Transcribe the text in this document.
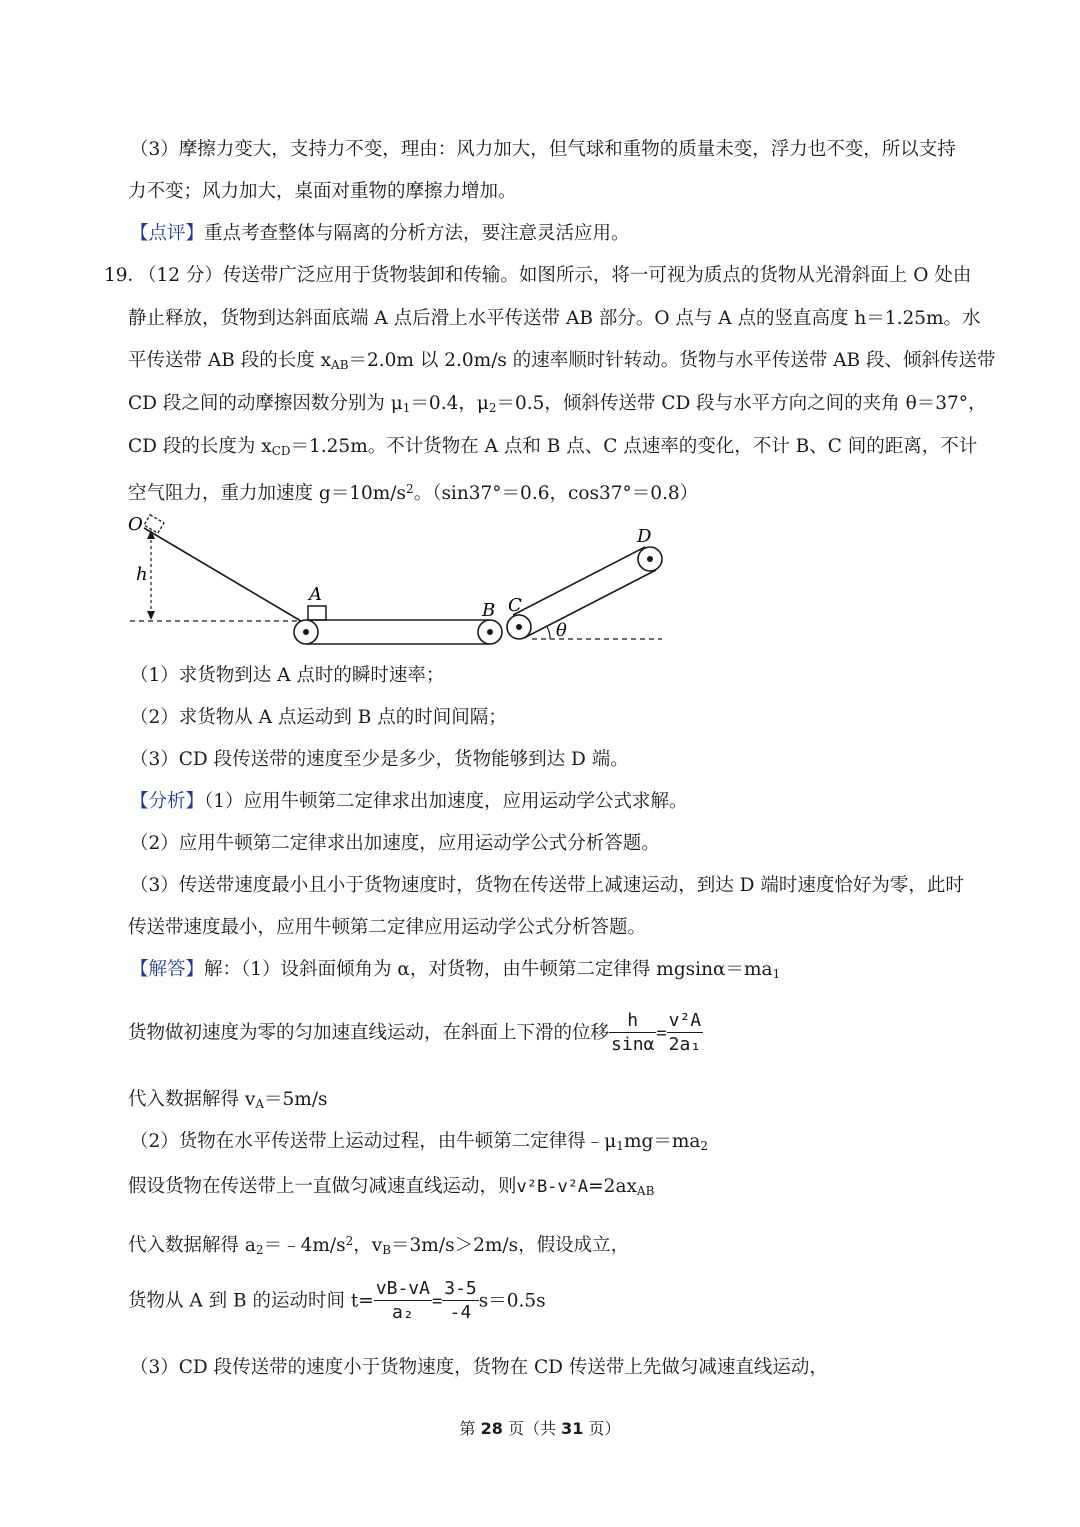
（3）摩擦力变大，支持力不变，理由：风力加大，但气球和重物的质量未变，浮力也不变，所以支持
力不变；风力加大，桌面对重物的摩擦力增加。
【点评】重点考查整体与隔离的分析方法，要注意灵活应用。
19．
（12 分）传送带广泛应用于货物装卸和传输。如图所示，将一可视为质点的货物从光滑斜面上 O 处由
静止释放，货物到达斜面底端 A 点后滑上水平传送带 AB 部分。O 点与 A 点的竖直高度 h＝1.25m。水
平传送带 AB 段的长度 $x_{AB}=2.0m$ 以 2.0m/s 的速率顺时针转动。货物与水平传送带 AB 段、倾斜传送带
CD 段之间的动摩擦因数分别为 $\mu_1=0.4$，$\mu_2=0.5$，倾斜传送带 CD 段与水平方向之间的夹角 θ＝37°，
CD 段的长度为 $x_{CD}=1.25m$。不计货物在 A 点和 B 点、C 点速率的变化，不计 B、C 间的距离，不计
空气阻力，重力加速度 $g=10m/s^2$。（sin37°＝0.6，cos37°＝0.8）
O
h
A
B C
D
θ
（1）求货物到达 A 点时的瞬时速率；
（2）求货物从 A 点运动到 B 点的时间间隔；
（3）CD 段传送带的速度至少是多少，货物能够到达 D 端。
【分析】（1）应用牛顿第二定律求出加速度，应用运动学公式求解。
（2）应用牛顿第二定律求出加速度，应用运动学公式分析答题。
（3）传送带速度最小且小于货物速度时，货物在传送带上减速运动，到达 D 端时速度恰好为零，此时
传送带速度最小，应用牛顿第二定律应用运动学公式分析答题。
【解答】解：（1）设斜面倾角为 α，对货物，由牛顿第二定律得 $mgsin\alpha=ma_1$
货物做初速度为零的匀加速直线运动，在斜面上下滑的位移 $\frac{h}{\sin\alpha} = \frac{\text{v²A}}{\text{2a₁}}$
代入数据解得 $v_A=5m/s$
（2）货物在水平传送带上运动过程，由牛顿第二定律得$﹣\mu_1mg=ma_2$
假设货物在传送带上一直做匀减速直线运动，则v²B-$v^2A=2ax_{AB}$
代入数据解得 $a_2=﹣4m/s^2$，$v_B=3m/s>2m/s$，假设成立，
货物从 A 到 B 的运动时间 $t= \frac{vB-vA}{\text{a₂}} = \frac{3-5}{-4} s=0.5s$
（3）CD 段传送带的速度小于货物速度，货物在 CD 传送带上先做匀减速直线运动，
第 28 页（共 31 页）
